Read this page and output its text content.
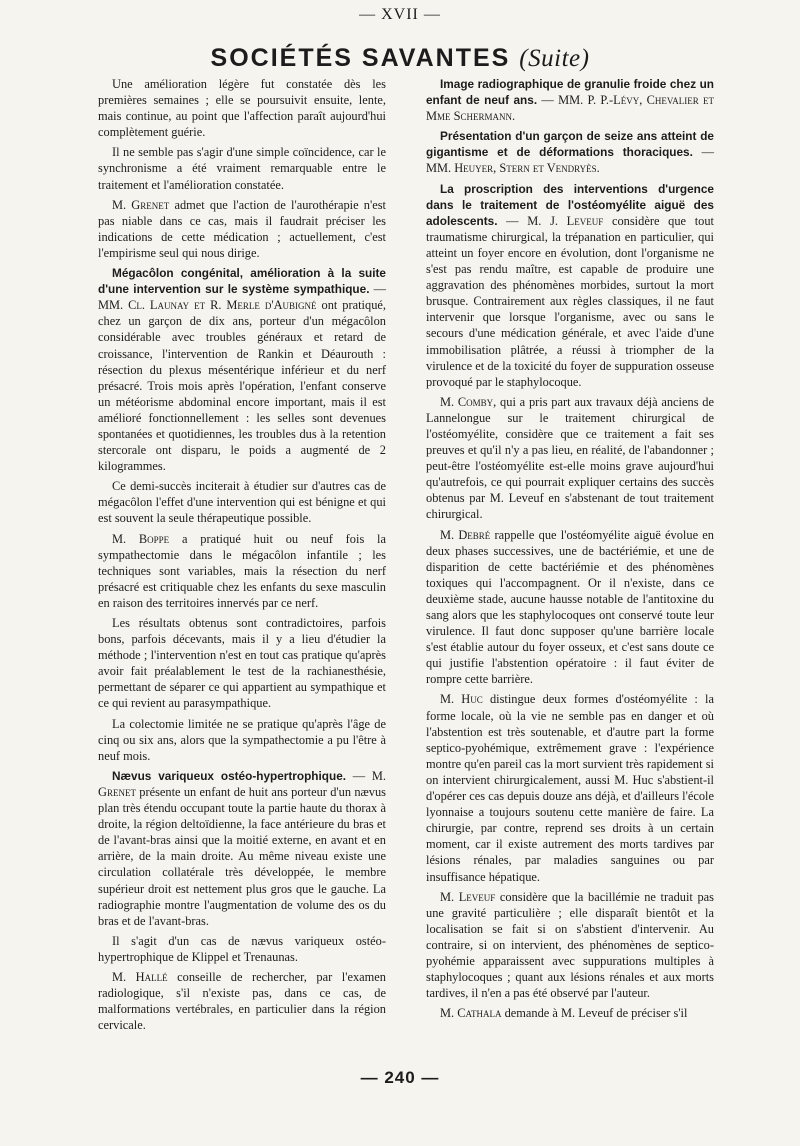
— XVII —
SOCIÉTÉS SAVANTES (Suite)

Une amélioration légère fut constatée dès les premières semaines ; elle se poursuivit ensuite, lente, mais continue, au point que l'affection paraît aujourd'hui complètement guérie.

Il ne semble pas s'agir d'une simple coïncidence, car le synchronisme a été vraiment remarquable entre le traitement et l'amélioration constatée.

M. Grenet admet que l'action de l'aurothérapie n'est pas niable dans ce cas, mais il faudrait préciser les indications de cette médication ; actuellement, c'est l'empirisme seul qui nous dirige.

Mégacôlon congénital, amélioration à la suite d'une intervention sur le système sympathique. — MM. Cl. Launay et R. Merle d'Aubigné ont pratiqué, chez un garçon de dix ans, porteur d'un mégacôlon considérable avec troubles généraux et retard de croissance, l'intervention de Rankin et Déaurouth : résection du plexus mésentérique inférieur et du nerf présacré. Trois mois après l'opération, l'enfant conserve un météorisme abdominal encore important, mais il est amélioré fonctionnellement : les selles sont devenues spontanées et quotidiennes, les troubles dus à la retention stercorale ont disparu, le poids a augmenté de 2 kilogrammes.

Ce demi-succès inciterait à étudier sur d'autres cas de mégacôlon l'effet d'une intervention qui est bénigne et qui est souvent la seule thérapeutique possible.

M. Boppe a pratiqué huit ou neuf fois la sympathectomie dans le mégacôlon infantile ; les techniques sont variables, mais la résection du nerf présacré est critiquable chez les enfants du sexe masculin en raison des territoires innervés par ce nerf.

Les résultats obtenus sont contradictoires, parfois bons, parfois décevants, mais il y a lieu d'étudier la méthode ; l'intervention n'est en tout cas pratique qu'après avoir fait préalablement le test de la rachianesthésie, permettant de séparer ce qui appartient au sympathique et ce qui revient au parasympathique.

La colectomie limitée ne se pratique qu'après l'âge de cinq ou six ans, alors que la sympathectomie a pu l'être à neuf mois.

Nævus variqueux ostéo-hypertrophique. — M. Grenet présente un enfant de huit ans porteur d'un nævus plan très étendu occupant toute la partie haute du thorax à droite, la région deltoïdienne, la face antérieure du bras et de l'avant-bras ainsi que la moitié externe, en avant et en arrière, de la main droite. Au même niveau existe une circulation collatérale très développée, le membre supérieur droit est nettement plus gros que le gauche. La radiographie montre l'augmentation de volume des os du bras et de l'avant-bras.

Il s'agit d'un cas de nævus variqueux ostéo-hypertrophique de Klippel et Trenaunas.

M. Hallé conseille de rechercher, par l'examen radiologique, s'il n'existe pas, dans ce cas, de malformations vertébrales, en particulier dans la région cervicale.

Image radiographique de granulie froide chez un enfant de neuf ans. — MM. P. P.-Lévy, Chevalier et Mme Schermann.

Présentation d'un garçon de seize ans atteint de gigantisme et de déformations thoraciques. — MM. Heuyer, Stern et Vendryès.

La proscription des interventions d'urgence dans le traitement de l'ostéomyélite aiguë des adolescents. — M. J. Leveuf considère que tout traumatisme chirurgical, la trépanation en particulier, qui atteint un foyer encore en évolution, dont l'organisme ne s'est pas rendu maître, est capable de produire une aggravation des phénomènes morbides, surtout la mort brusque. Contrairement aux règles classiques, il ne faut intervenir que lorsque l'organisme, avec ou sans le secours d'une médication générale, et avec l'aide d'une immobilisation plâtrée, a réussi à triompher de la virulence et de la toxicité du foyer de suppuration osseuse provoqué par le staphylocoque.

M. Comby, qui a pris part aux travaux déjà anciens de Lannelongue sur le traitement chirurgical de l'ostéomyélite, considère que ce traitement a fait ses preuves et qu'il n'y a pas lieu, en réalité, de l'abandonner ; peut-être l'ostéomyélite est-elle moins grave aujourd'hui qu'autrefois, ce qui pourrait expliquer certains des succès obtenus par M. Leveuf en s'abstenant de tout traitement chirurgical.

M. Debré rappelle que l'ostéomyélite aiguë évolue en deux phases successives, une de bactériémie, et une de disparition de cette bactériémie et des phénomènes toxiques qui l'accompagnent. Or il n'existe, dans ce deuxième stade, aucune hausse notable de l'antitoxine du sang alors que les staphylocoques ont conservé toute leur virulence. Il faut donc supposer qu'une barrière locale s'est établie autour du foyer osseux, et c'est sans doute ce qui justifie l'abstention opératoire : il faut éviter de rompre cette barrière.

M. Huc distingue deux formes d'ostéomyélite : la forme locale, où la vie ne semble pas en danger et où l'abstention est très soutenable, et d'autre part la forme septico-pyohémique, extrêmement grave : l'expérience montre qu'en pareil cas la mort survient très rapidement si on intervient chirurgicalement, aussi M. Huc s'abstient-il d'opérer ces cas depuis douze ans déjà, et d'ailleurs l'école lyonnaise a toujours soutenu cette manière de faire. La chirurgie, par contre, reprend ses droits à un certain moment, car il existe autrement des morts tardives par lésions rénales, par maladies sanguines ou par insuffisance hépatique.

M. Leveuf considère que la bacillémie ne traduit pas une gravité particulière ; elle disparaît bientôt et la localisation se fait si on s'abstient d'intervenir. Au contraire, si on intervient, des phénomènes de septico-pyohémie apparaissent avec suppurations multiples à staphylocoques ; quant aux lésions rénales et aux morts tardives, il n'en a pas été observé par l'auteur.

M. Cathala demande à M. Leveuf de préciser s'il

— 240 —
